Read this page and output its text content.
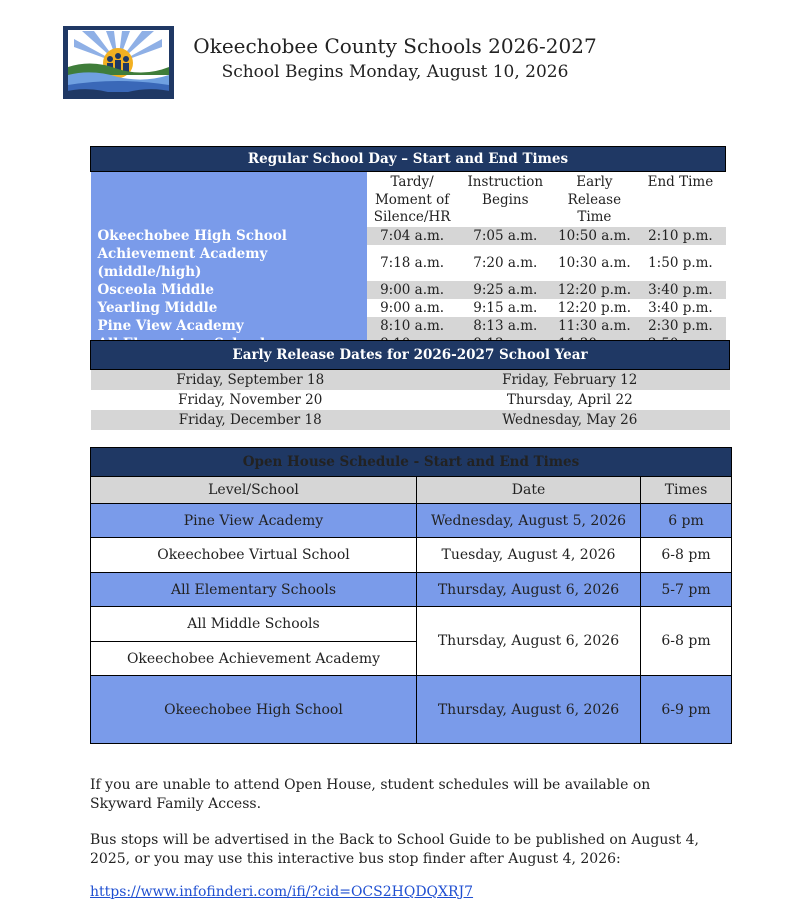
Okeechobee County Schools 2026-2027
School Begins Monday, August 10, 2026
Regular School Day – Start and End Times				
	Tardy/ Moment of Silence/HR	Instruction Begins	Early Release Time	End Time
Okeechobee High School	7:04 a.m.	7:05 a.m.	10:50 a.m.	2:10 p.m.
Achievement Academy (middle/high)	7:18 a.m.	7:20 a.m.	10:30 a.m.	1:50 p.m.
Osceola Middle	9:00 a.m.	9:25 a.m.	12:20 p.m.	3:40 p.m.
Yearling Middle	9:00 a.m.	9:15 a.m.	12:20 p.m.	3:40 p.m.
Pine View Academy	8:10 a.m.	8:13 a.m.	11:30 a.m.	2:30 p.m.

Early Release Dates for 2026-2027 School Year	
Friday, September 18	Friday, February 12
Friday, November 20	Thursday, April 22
Friday, December 18	Wednesday, May 26
Open House Schedule - Start and End Times		
Level/School	Date	Times
Pine View Academy	Wednesday, August 5, 2026	6 pm
Okeechobee Virtual School	Tuesday, August 4, 2026	6-8 pm
All Elementary Schools	Thursday, August 6, 2026	5-7 pm
All Middle Schools	Thursday, August 6, 2026	6-8 pm
Okeechobee Achievement Academy		
Okeechobee High School	Thursday, August 6, 2026	6-9 pm
If you are unable to attend Open House, student schedules will be available on Skyward Family Access.
Bus stops will be advertised in the Back to School Guide to be published on August 4, 2025, or you may use this interactive bus stop finder after August 4, 2026:
https://www.infofinderi.com/ifi/?cid=OCS2HQDQXRJ7
